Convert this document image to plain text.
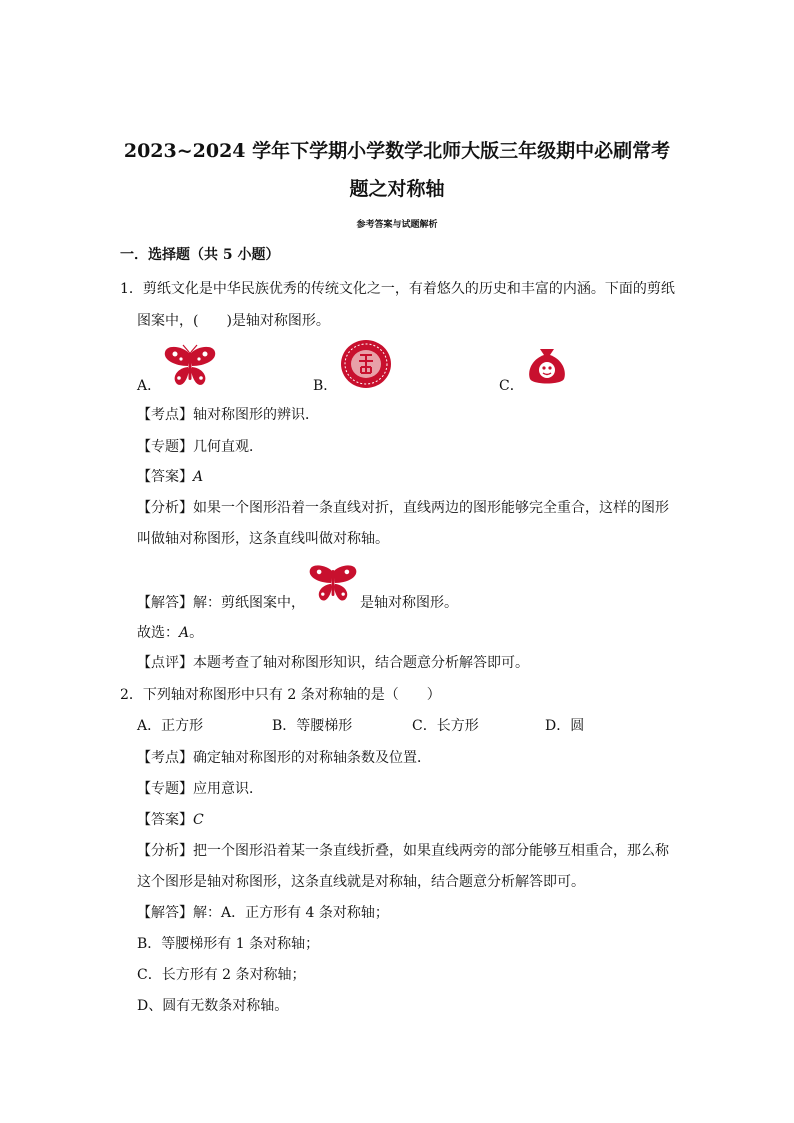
2023~2024 学年下学期小学数学北师大版三年级期中必刷常考
题之对称轴
参考答案与试题解析
一．选择题（共 5 小题）
1．剪纸文化是中华民族优秀的传统文化之一，有着悠久的历史和丰富的内涵。下面的剪纸
图案中，(　　)是轴对称图形。
A．	B．	C．
【考点】轴对称图形的辨识．
【专题】几何直观．
【答案】A
【分析】如果一个图形沿着一条直线对折，直线两边的图形能够完全重合，这样的图形
叫做轴对称图形，这条直线叫做对称轴。
【解答】解：剪纸图案中，	是轴对称图形。
故选：A。
【点评】本题考查了轴对称图形知识，结合题意分析解答即可。
2．下列轴对称图形中只有 2 条对称轴的是（　　）
A．正方形	B．等腰梯形	C．长方形	D．圆
【考点】确定轴对称图形的对称轴条数及位置．
【专题】应用意识．
【答案】C
【分析】把一个图形沿着某一条直线折叠，如果直线两旁的部分能够互相重合，那么称
这个图形是轴对称图形，这条直线就是对称轴，结合题意分析解答即可。
【解答】解：A．正方形有 4 条对称轴；
B．等腰梯形有 1 条对称轴；
C．长方形有 2 条对称轴；
D、圆有无数条对称轴。
